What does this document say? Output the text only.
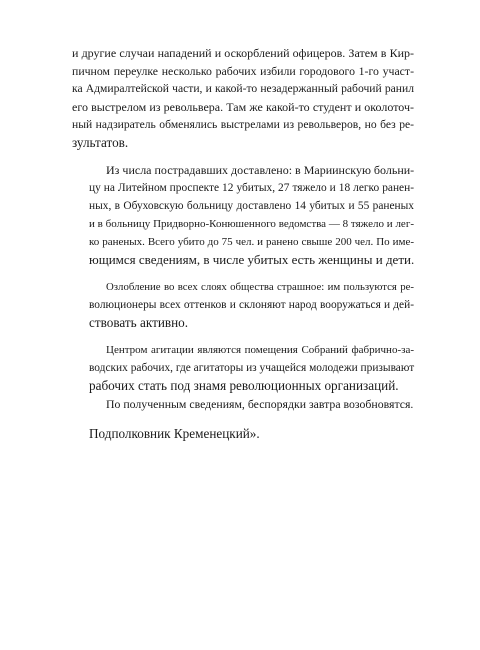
и другие случаи нападений и оскорблений офицеров. Затем в Кир-
пичном переулке несколько рабочих избили городового 1-го участ-
ка Адмиралтейской части, и какой-то незадержанный рабочий ранил
его выстрелом из револьвера. Там же какой-то студент и околоточ-
ный надзиратель обменялись выстрелами из револьверов, но без ре-
зультатов.
Из числа пострадавших доставлено: в Мариинскую больни-
цу на Литейном проспекте 12 убитых, 27 тяжело и 18 легко ранен-
ных, в Обуховскую больницу доставлено 14 убитых и 55 раненых
и в больницу Придворно-Конюшенного ведомства — 8 тяжело и лег-
ко раненых. Всего убито до 75 чел. и ранено свыше 200 чел. По име-
ющимся сведениям, в числе убитых есть женщины и дети.
Озлобление во всех слоях общества страшное: им пользуются ре-
волюционеры всех оттенков и склоняют народ вооружаться и дей-
ствовать активно.
Центром агитации являются помещения Собраний фабрично-за-
водских рабочих, где агитаторы из учащейся молодежи призывают
рабочих стать под знамя революционных организаций.
По полученным сведениям, беспорядки завтра возобновятся.
Подполковник Кременецкий».
